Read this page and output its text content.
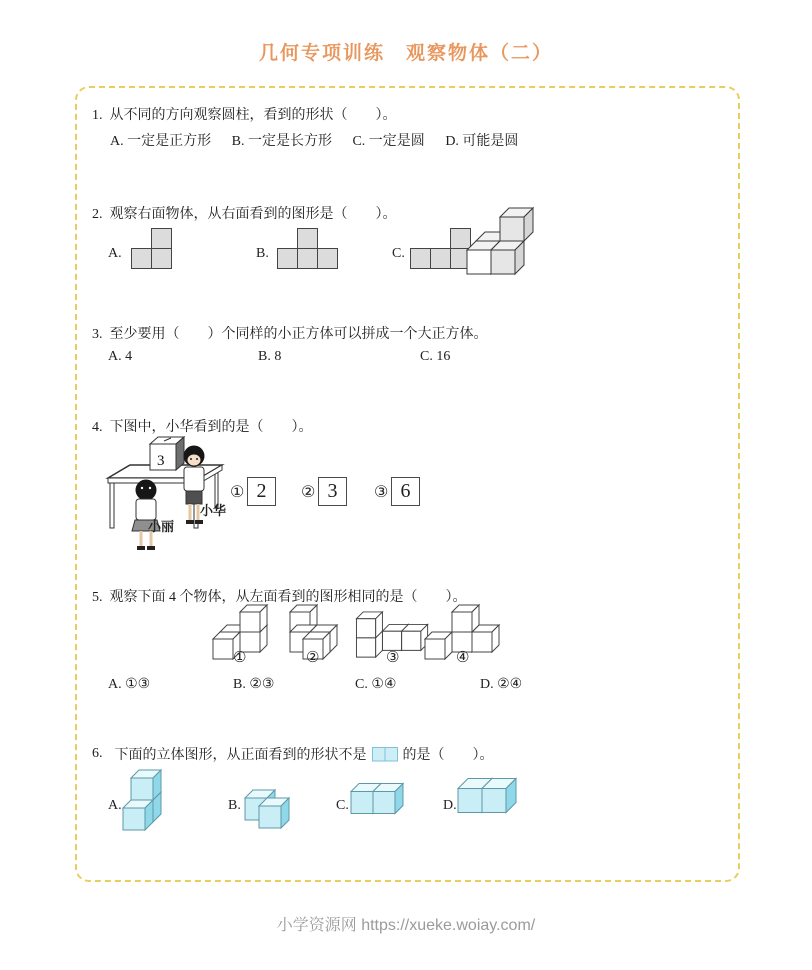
几何专项训练　观察物体（二）
1. 从不同的方向观察圆柱，看到的形状（　　）。
A. 一定是正方形 B. 一定是长方形 C. 一定是圆 D. 可能是圆
2. 观察右面物体，从右面看到的图形是（　　）。
A.	B.	C.
3. 至少要用（　　）个同样的小正方体可以拼成一个大正方体。
A. 4	B. 8	C. 16
4. 下图中，小华看到的是（　　）。
3
小丽
小华
① 2 ② 3 ③ 6
5. 观察下面 4 个物体，从左面看到的图形相同的是（　　）。
①	②	③	④
A. ①③	B. ②③	C. ①④	D. ②④
6. 下面的立体图形，从正面看到的形状不是	的是（　　）。
A.	B.	C.	D.
小学资源网 https://xueke.woiay.com/
